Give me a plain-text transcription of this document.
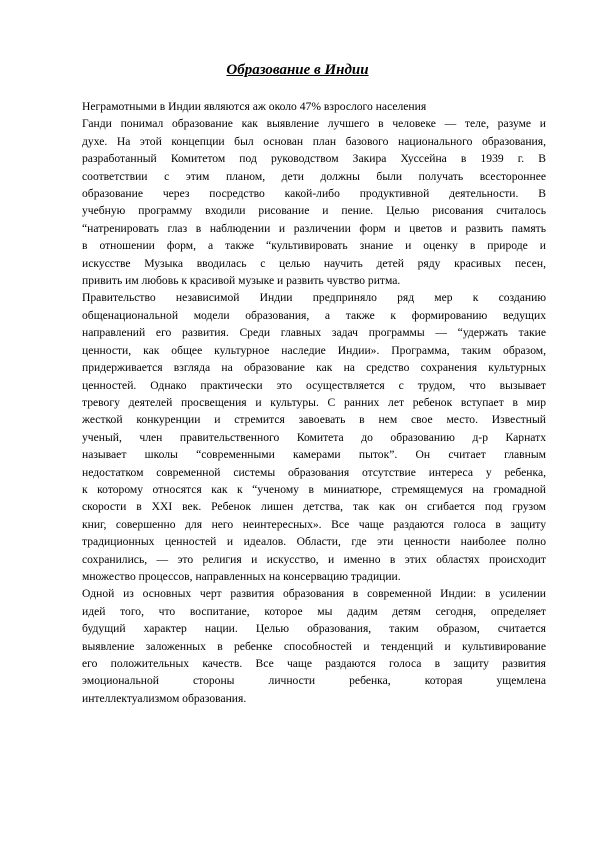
Образование в Индии
Неграмотными в Индии являются аж около 47% взрослого населения
Ганди понимал образование как выявление лучшего в человеке — теле, разуме и
духе. На этой концепции был основан план базового национального образования,
разработанный Комитетом под руководством Закира Хуссейна в 1939 г. В
соответствии с этим планом, дети должны были получать всестороннее
образование через посредство какой-либо продуктивной деятельности. В
учебную программу входили рисование и пение. Целью рисования считалось
“натренировать глаз в наблюдении и различении форм и цветов и развить память
в отношении форм, а также “культивировать знание и оценку в природе и
искусстве Музыка вводилась с целью научить детей ряду красивых песен,
привить им любовь к красивой музыке и развить чувство ритма.
Правительство независимой Индии предприняло ряд мер к созданию
общенациональной модели образования, а также к формированию ведущих
направлений его развития. Среди главных задач программы — “удержать такие
ценности, как общее культурное наследие Индии». Программа, таким образом,
придерживается взгляда на образование как на средство сохранения культурных
ценностей. Однако практически это осуществляется с трудом, что вызывает
тревогу деятелей просвещения и культуры. С ранних лет ребенок вступает в мир
жесткой конкуренции и стремится завоевать в нем свое место. Известный
ученый, член правительственного Комитета до образованию д-р Карнатх
называет школы “современными камерами пыток”. Он считает главным
недостатком современной системы образования отсутствие интереса у ребенка,
к которому относятся как к “ученому в миниатюре, стремящемуся на громадной
скорости в XXI век. Ребенок лишен детства, так как он сгибается под грузом
книг, совершенно для него неинтересных». Все чаще раздаются голоса в защиту
традиционных ценностей и идеалов. Области, где эти ценности наиболее полно
сохранились, — это религия и искусство, и именно в этих областях происходит
множество процессов, направленных на консервацию традиции.
Одной из основных черт развития образования в современной Индии: в усилении
идей того, что воспитание, которое мы дадим детям сегодня, определяет
будущий характер нации. Целью образования, таким образом, считается
выявление заложенных в ребенке способностей и тенденций и культивирование
его положительных качеств. Все чаще раздаются голоса в защиту развития
эмоциональной стороны личности ребенка, которая ущемлена
интеллектуализмом образования.
